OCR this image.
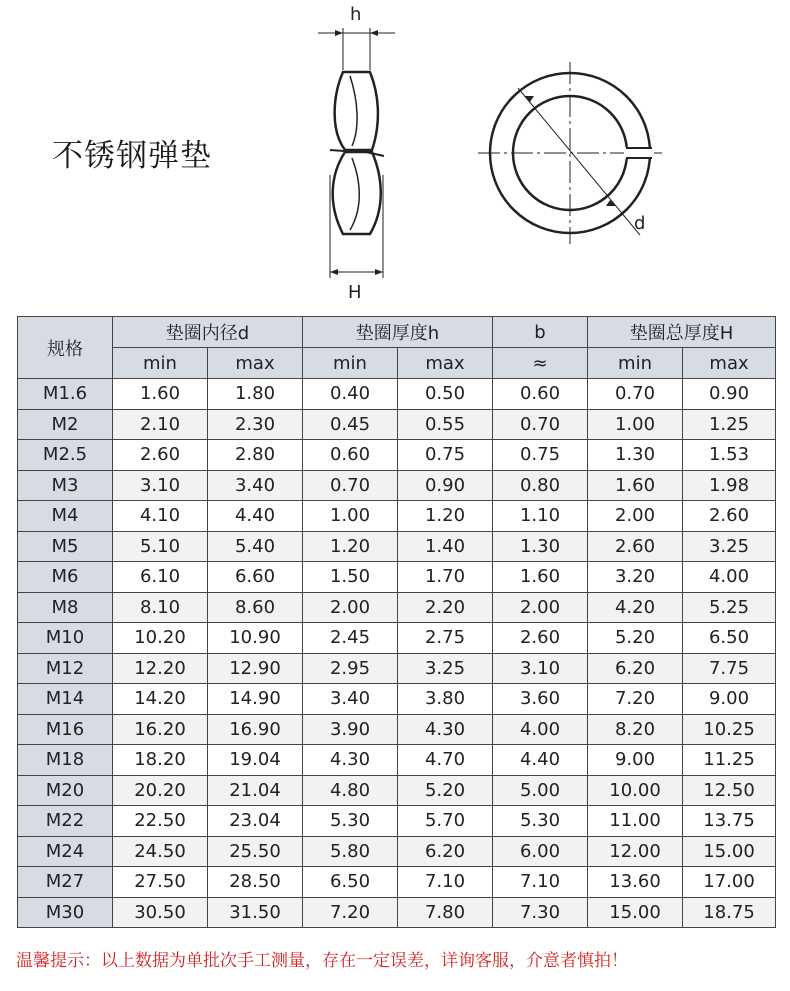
不锈钢弹垫
h
H
d
规格	垫圈内径d		垫圈厚度h		b	垫圈总厚度H	
	min	max	min	max	≈	min	max
M1.6	1.60	1.80	0.40	0.50	0.60	0.70	0.90
M2	2.10	2.30	0.45	0.55	0.70	1.00	1.25
M2.5	2.60	2.80	0.60	0.75	0.75	1.30	1.53
M3	3.10	3.40	0.70	0.90	0.80	1.60	1.98
M4	4.10	4.40	1.00	1.20	1.10	2.00	2.60
M5	5.10	5.40	1.20	1.40	1.30	2.60	3.25
M6	6.10	6.60	1.50	1.70	1.60	3.20	4.00
M8	8.10	8.60	2.00	2.20	2.00	4.20	5.25
M10	10.20	10.90	2.45	2.75	2.60	5.20	6.50
M12	12.20	12.90	2.95	3.25	3.10	6.20	7.75
M14	14.20	14.90	3.40	3.80	3.60	7.20	9.00
M16	16.20	16.90	3.90	4.30	4.00	8.20	10.25
M18	18.20	19.04	4.30	4.70	4.40	9.00	11.25
M20	20.20	21.04	4.80	5.20	5.00	10.00	12.50
M22	22.50	23.04	5.30	5.70	5.30	11.00	13.75
M24	24.50	25.50	5.80	6.20	6.00	12.00	15.00
M27	27.50	28.50	6.50	7.10	7.10	13.60	17.00
M30	30.50	31.50	7.20	7.80	7.30	15.00	18.75
温馨提示：以上数据为单批次手工测量，存在一定误差，详询客服，介意者慎拍！
